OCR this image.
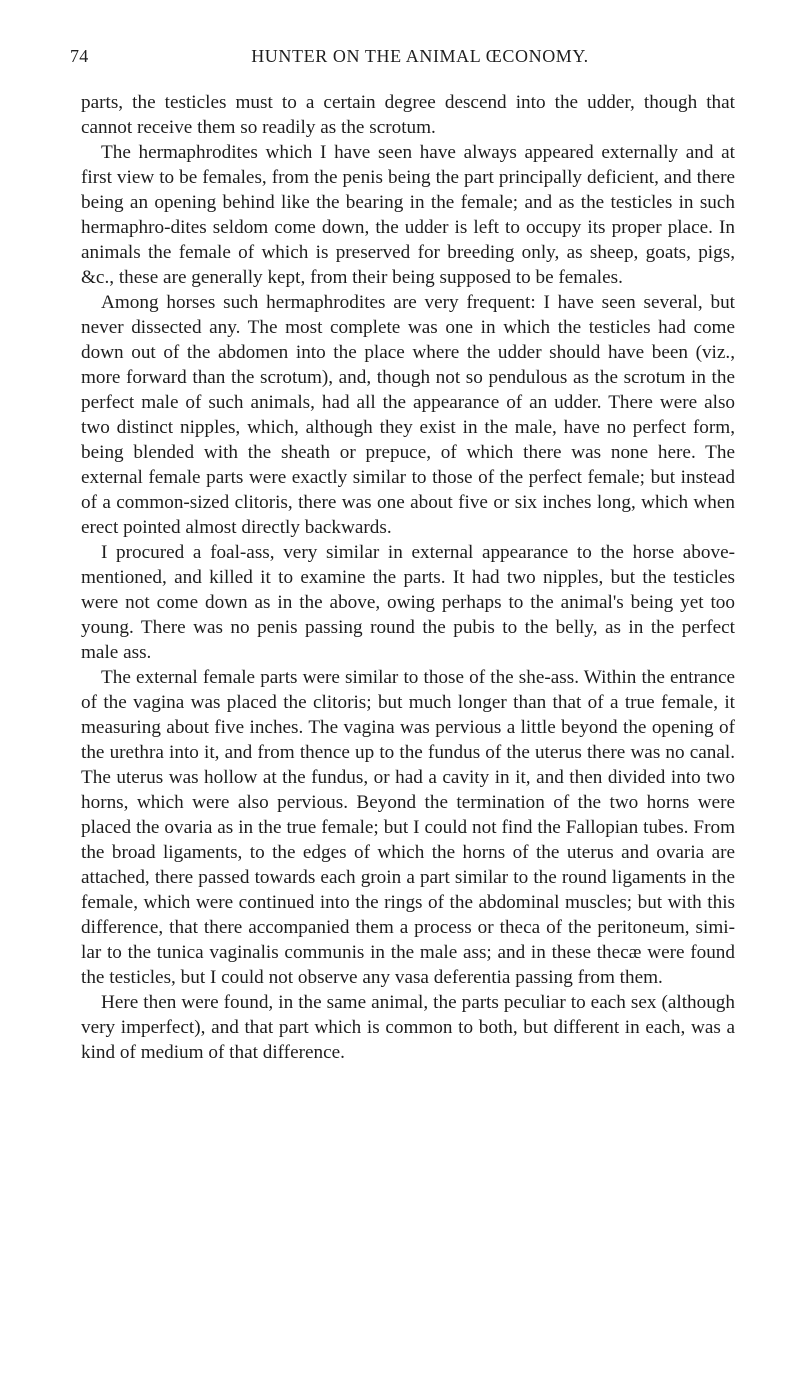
74	HUNTER ON THE ANIMAL ŒCONOMY.

parts, the testicles must to a certain degree descend into the udder, though that cannot receive them so readily as the scrotum.

The hermaphrodites which I have seen have always appeared externally and at first view to be females, from the penis being the part principally deficient, and there being an opening behind like the bearing in the female; and as the testicles in such hermaphro-dites seldom come down, the udder is left to occupy its proper place. In animals the female of which is preserved for breeding only, as sheep, goats, pigs, &c., these are generally kept, from their being supposed to be females.

Among horses such hermaphrodites are very frequent: I have seen several, but never dissected any. The most complete was one in which the testicles had come down out of the abdomen into the place where the udder should have been (viz., more forward than the scrotum), and, though not so pendulous as the scrotum in the perfect male of such animals, had all the appearance of an udder. There were also two distinct nipples, which, although they exist in the male, have no perfect form, being blended with the sheath or prepuce, of which there was none here. The external female parts were exactly similar to those of the perfect female; but instead of a common-sized clitoris, there was one about five or six inches long, which when erect pointed almost directly backwards.

I procured a foal-ass, very similar in external appearance to the horse above-mentioned, and killed it to examine the parts. It had two nipples, but the testicles were not come down as in the above, owing perhaps to the animal's being yet too young. There was no penis passing round the pubis to the belly, as in the perfect male ass.

The external female parts were similar to those of the she-ass. Within the entrance of the vagina was placed the clitoris; but much longer than that of a true female, it measuring about five inches. The vagina was pervious a little beyond the opening of the urethra into it, and from thence up to the fundus of the uterus there was no canal. The uterus was hollow at the fundus, or had a cavity in it, and then divided into two horns, which were also pervious. Beyond the termination of the two horns were placed the ovaria as in the true female; but I could not find the Fallopian tubes. From the broad ligaments, to the edges of which the horns of the uterus and ovaria are attached, there passed towards each groin a part similar to the round ligaments in the female, which were continued into the rings of the abdominal muscles; but with this difference, that there accompanied them a process or theca of the peritoneum, simi-lar to the tunica vaginalis communis in the male ass; and in these thecæ were found the testicles, but I could not observe any vasa deferentia passing from them.

Here then were found, in the same animal, the parts peculiar to each sex (although very imperfect), and that part which is common to both, but different in each, was a kind of medium of that difference.
